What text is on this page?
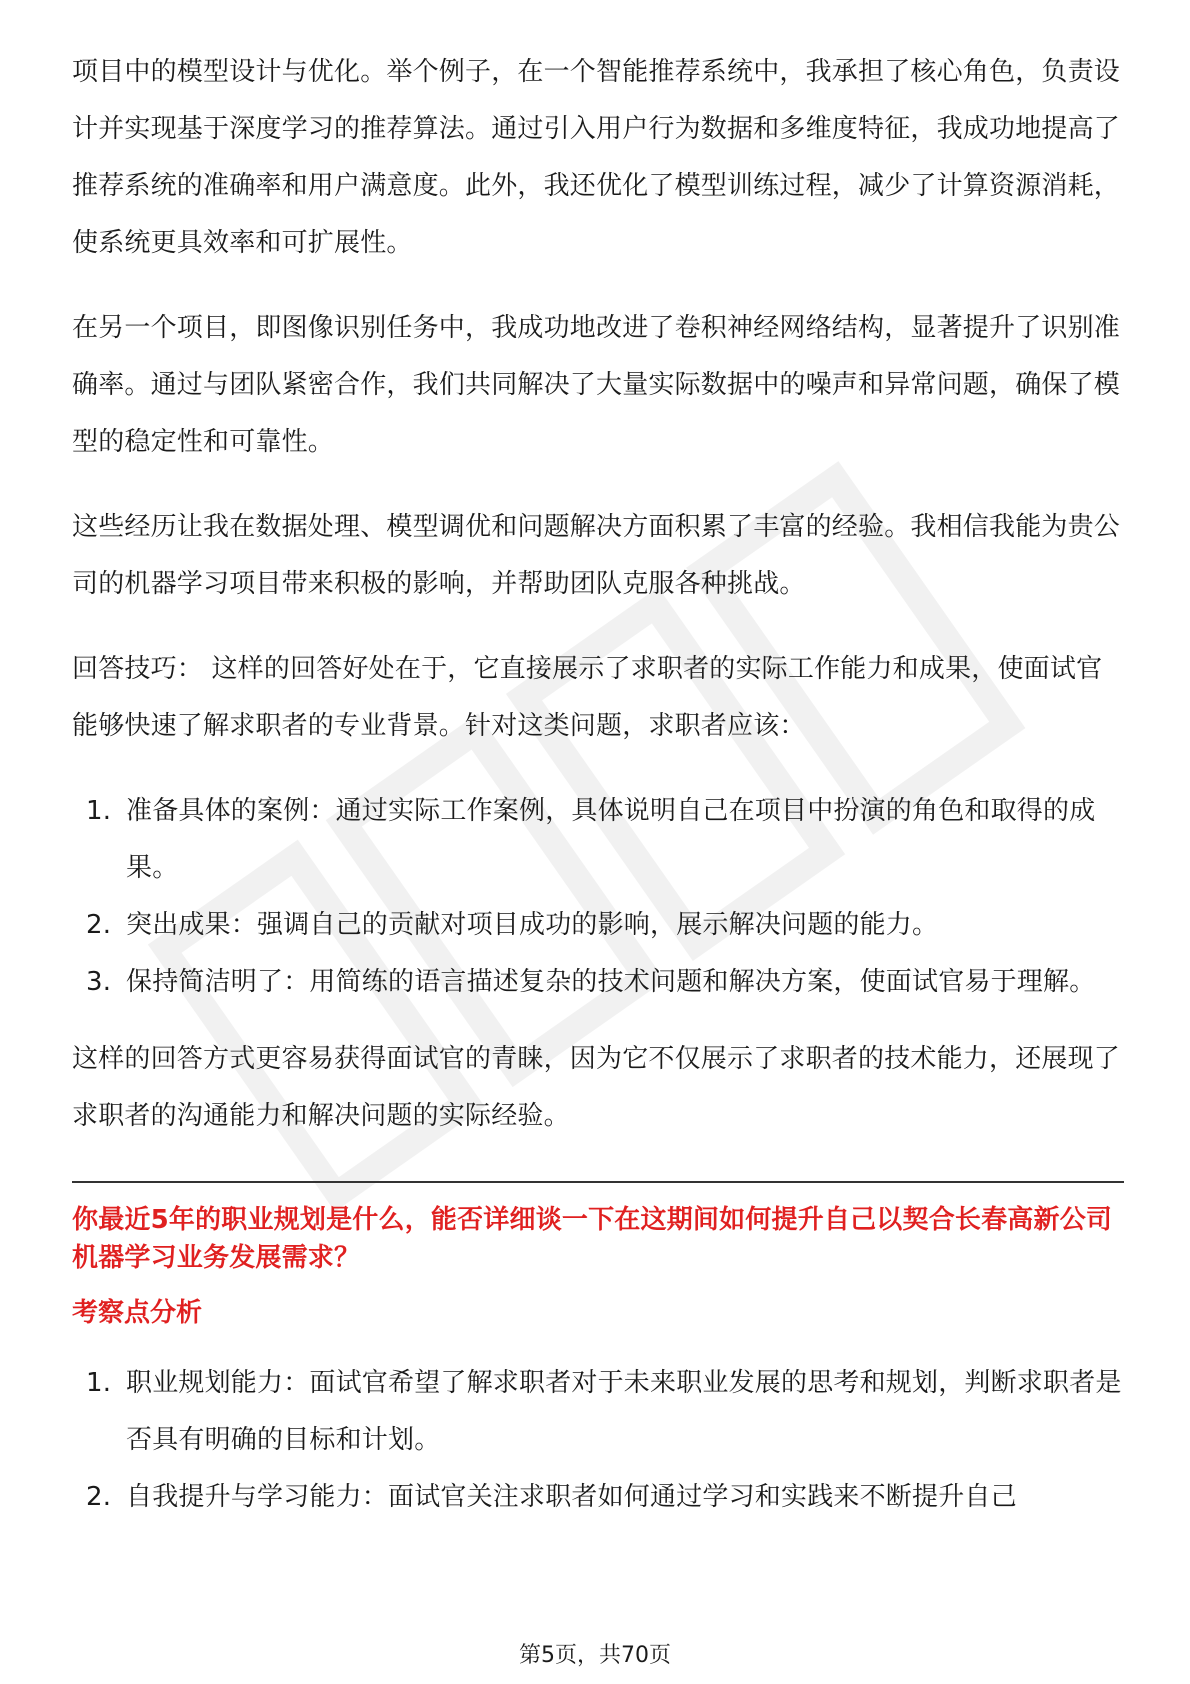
项目中的模型设计与优化。举个例子，在一个智能推荐系统中，我承担了核心角色，负责设计并实现基于深度学习的推荐算法。通过引入用户行为数据和多维度特征，我成功地提高了推荐系统的准确率和用户满意度。此外，我还优化了模型训练过程，减少了计算资源消耗，使系统更具效率和可扩展性。

在另一个项目，即图像识别任务中，我成功地改进了卷积神经网络结构，显著提升了识别准确率。通过与团队紧密合作，我们共同解决了大量实际数据中的噪声和异常问题，确保了模型的稳定性和可靠性。

这些经历让我在数据处理、模型调优和问题解决方面积累了丰富的经验。我相信我能为贵公司的机器学习项目带来积极的影响，并帮助团队克服各种挑战。

回答技巧： 这样的回答好处在于，它直接展示了求职者的实际工作能力和成果，使面试官能够快速了解求职者的专业背景。针对这类问题，求职者应该：

1. 准备具体的案例：通过实际工作案例，具体说明自己在项目中扮演的角色和取得的成果。
2. 突出成果：强调自己的贡献对项目成功的影响，展示解决问题的能力。
3. 保持简洁明了：用简练的语言描述复杂的技术问题和解决方案，使面试官易于理解。

这样的回答方式更容易获得面试官的青睐，因为它不仅展示了求职者的技术能力，还展现了求职者的沟通能力和解决问题的实际经验。

你最近5年的职业规划是什么，能否详细谈一下在这期间如何提升自己以契合长春高新公司机器学习业务发展需求？
考察点分析
1. 职业规划能力：面试官希望了解求职者对于未来职业发展的思考和规划，判断求职者是否具有明确的目标和计划。
2. 自我提升与学习能力：面试官关注求职者如何通过学习和实践来不断提升自己
第5页，共70页
